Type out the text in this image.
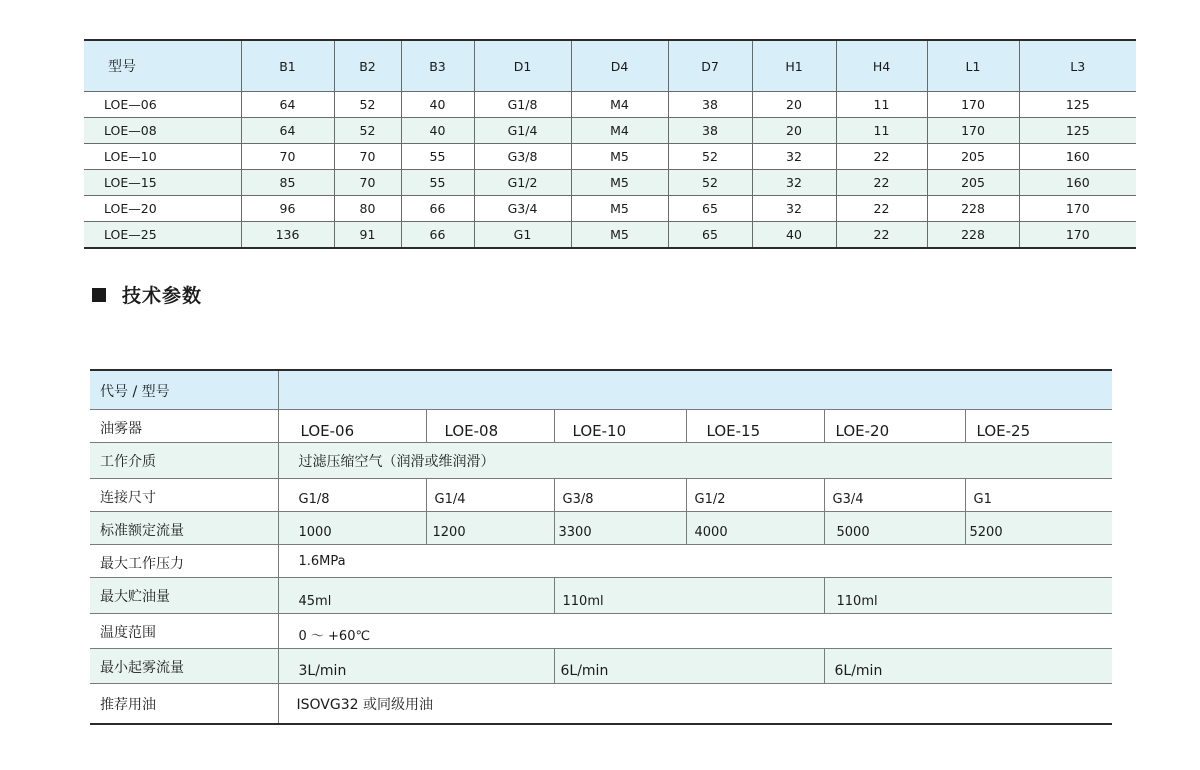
型号	B1	B2	B3	D1	D4	D7	H1	H4	L1	L3
LOE—06	64	52	40	G1/8	M4	38	20	11	170	125
LOE—08	64	52	40	G1/4	M4	38	20	11	170	125
LOE—10	70	70	55	G3/8	M5	52	32	22	205	160
LOE—15	85	70	55	G1/2	M5	52	32	22	205	160
LOE—20	96	80	66	G3/4	M5	65	32	22	228	170
LOE—25	136	91	66	G1	M5	65	40	22	228	170
技术参数
代号 / 型号						
油雾器	LOE-06	LOE-08	LOE-10	LOE-15	LOE-20	LOE-25
工作介质	过滤压缩空气（润滑或维润滑）					
连接尺寸	G1/8	G1/4	G3/8	G1/2	G3/4	G1
标准额定流量	1000	1200	3300	4000	5000	5200
最大工作压力	1.6MPa					
最大贮油量	45ml		110ml		110ml	
温度范围	0 ～ +60℃					
最小起雾流量	3L/min		6L/min		6L/min	
推荐用油	ISOVG32 或同级用油					
